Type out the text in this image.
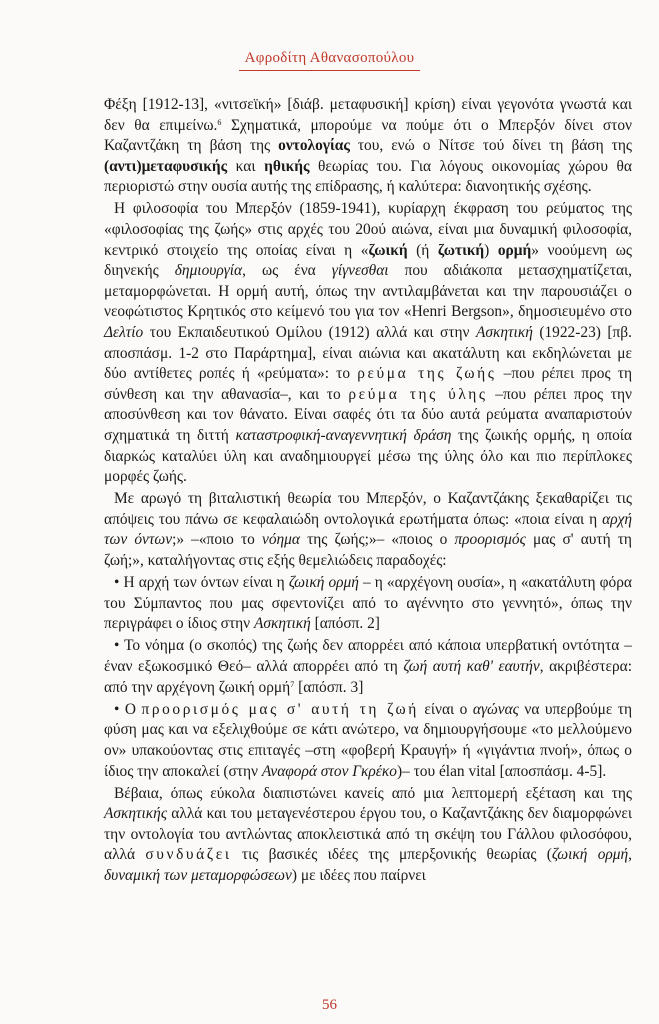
Αφροδίτη Αθανασοπούλου

Φέξη [1912-13], «νιτσεϊκή» [διάβ. μεταφυσική] κρίση) είναι γεγονότα γνωστά και δεν θα επιμείνω.$^6$ Σχηματικά, μπορούμε να πούμε ότι ο Μπερξόν δίνει στον Καζαντζάκη τη βάση της οντολογίας του, ενώ ο Νίτσε τού δίνει τη βάση της (αντι)μεταφυσικής και ηθικής θεωρίας του. Για λόγους οικονομίας χώρου θα περιοριστώ στην ουσία αυτής της επίδρασης, ή καλύτερα: διανοητικής σχέσης.

Η φιλοσοφία του Μπερξόν (1859-1941), κυρίαρχη έκφραση του ρεύματος της «φιλοσοφίας της ζωής» στις αρχές του 20ού αιώνα, είναι μια δυναμική φιλοσοφία, κεντρικό στοιχείο της οποίας είναι η «ζωική (ή ζωτική) ορμή» νοούμενη ως διηνεκής δημιουργία, ως ένα γίγνεσθαι που αδιάκοπα μετασχηματίζεται, μεταμορφώνεται. Η ορμή αυτή, όπως την αντιλαμβάνεται και την παρουσιάζει ο νεοφώτιστος Κρητικός στο κείμενό του για τον «Henri Bergson», δημοσιευμένο στο Δελτίο του Εκπαιδευτικού Ομίλου (1912) αλλά και στην Ασκητική (1922-23) [πβ. αποσπάσμ. 1-2 στο Παράρτημα], είναι αιώνια και ακατάλυτη και εκδηλώνεται με δύο αντίθετες ροπές ή «ρεύματα»: το ρεύμα της ζωής –που ρέπει προς τη σύνθεση και την αθανασία–, και το ρεύμα της ύλης –που ρέπει προς την αποσύνθεση και τον θάνατο. Είναι σαφές ότι τα δύο αυτά ρεύματα αναπαριστούν σχηματικά τη διττή καταστροφική-αναγεννητική δράση της ζωικής ορμής, η οποία διαρκώς καταλύει ύλη και αναδημιουργεί μέσω της ύλης όλο και πιο περίπλοκες μορφές ζωής.

Με αρωγό τη βιταλιστική θεωρία του Μπερξόν, ο Καζαντζάκης ξεκαθαρίζει τις απόψεις του πάνω σε κεφαλαιώδη οντολογικά ερωτήματα όπως: «ποια είναι η αρχή των όντων;» –«ποιο το νόημα της ζωής;»– «ποιος ο προορισμός μας σ' αυτή τη ζωή;», καταλήγοντας στις εξής θεμελιώδεις παραδοχές:

• Η αρχή των όντων είναι η ζωική ορμή – η «αρχέγονη ουσία», η «ακατάλυτη φόρα του Σύμπαντος που μας σφεντονίζει από το αγέννητο στο γεννητό», όπως την περιγράφει ο ίδιος στην Ασκητική [απόσπ. 2]

• Το νόημα (ο σκοπός) της ζωής δεν απορρέει από κάποια υπερβατική οντότητα –έναν εξωκοσμικό Θεό– αλλά απορρέει από τη ζωή αυτή καθ' εαυτήν, ακριβέστερα: από την αρχέγονη ζωική ορμή$^7$ [απόσπ. 3]

• O προορισμός μας σ' αυτή τη ζωή είναι ο αγώνας να υπερβούμε τη φύση μας και να εξελιχθούμε σε κάτι ανώτερο, να δημιουργήσουμε «το μελλούμενο ον» υπακούοντας στις επιταγές –στη «φοβερή Κραυγή» ή «γιγάντια πνοή», όπως ο ίδιος την αποκαλεί (στην Αναφορά στον Γκρέκο)– του élan vital [αποσπάσμ. 4-5].

Βέβαια, όπως εύκολα διαπιστώνει κανείς από μια λεπτομερή εξέταση και της Ασκητικής αλλά και του μεταγενέστερου έργου του, ο Καζαντζάκης δεν διαμορφώνει την οντολογία του αντλώντας αποκλειστικά από τη σκέψη του Γάλλου φιλοσόφου, αλλά συνδυάζει τις βασικές ιδέες της μπερξονικής θεωρίας (ζωική ορμή, δυναμική των μεταμορφώσεων) με ιδέες που παίρνει

56
